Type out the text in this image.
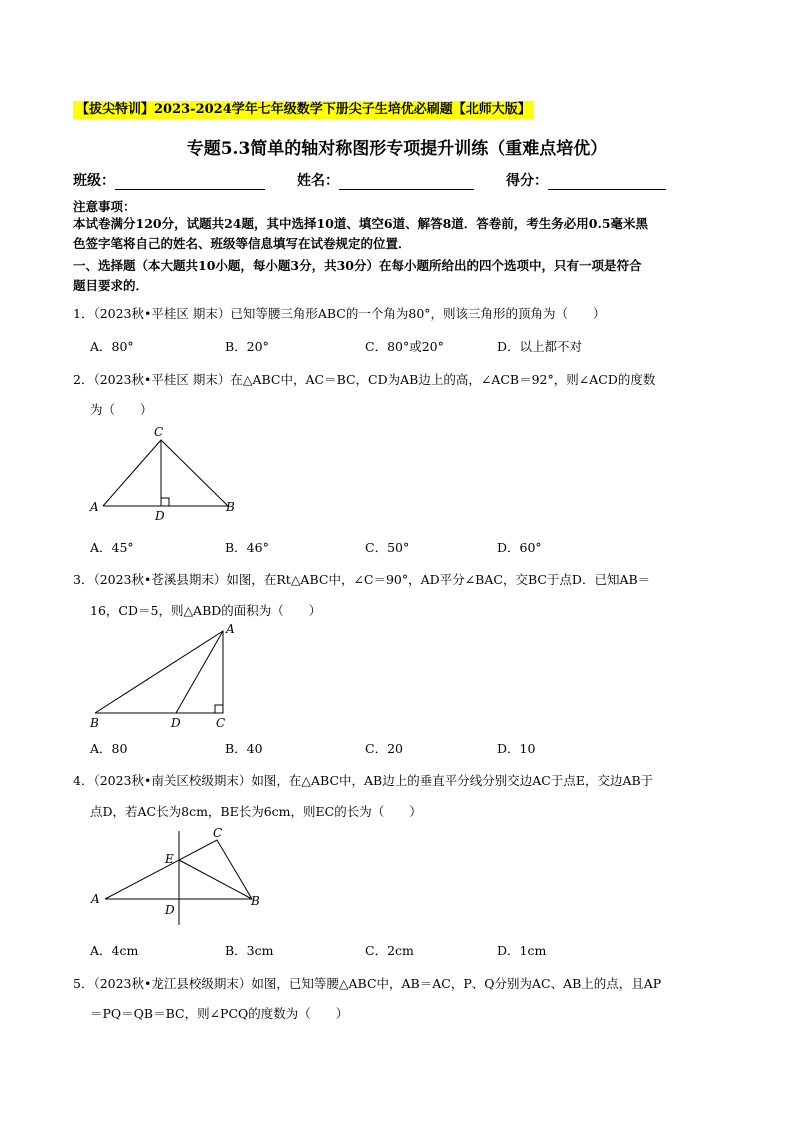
【拔尖特训】2023-2024学年七年级数学下册尖子生培优必刷题【北师大版】
专题5.3简单的轴对称图形专项提升训练（重难点培优）
班级：	姓名：	得分：
注意事项：
本试卷满分120分，试题共24题，其中选择10道、填空6道、解答8道．答卷前，考生务必用0.5毫米黑
色签字笔将自己的姓名、班级等信息填写在试卷规定的位置．
一、选择题（本大题共10小题，每小题3分，共30分）在每小题所给出的四个选项中，只有一项是符合
题目要求的．
1．（2023秋•平桂区 期末）已知等腰三角形ABC的一个角为80°，则该三角形的顶角为（　　）
A．80°	B．20°	C．80°或20°	D．以上都不对
2．（2023秋•平桂区 期末）在△ABC中，AC＝BC，CD为AB边上的高，∠ACB＝92°，则∠ACD的度数
为（　　）
C
A
D
B
A．45°	B．46°	C．50°	D．60°
3．（2023秋•苍溪县期末）如图，在Rt△ABC中，∠C＝90°，AD平分∠BAC，交BC于点D．已知AB＝
16，CD＝5，则△ABD的面积为（　　）
A
B	D	C
A．80	B．40	C．20	D．10
4．（2023秋•南关区校级期末）如图，在△ABC中，AB边上的垂直平分线分别交边AC于点E，交边AB于
点D，若AC长为8cm，BE长为6cm，则EC的长为（　　）
C
E
A
D
B
A．4cm	B．3cm	C．2cm	D．1cm
5．（2023秋•龙江县校级期末）如图，已知等腰△ABC中，AB＝AC，P、Q分别为AC、AB上的点，且AP
＝PQ＝QB＝BC，则∠PCQ的度数为（　　）
